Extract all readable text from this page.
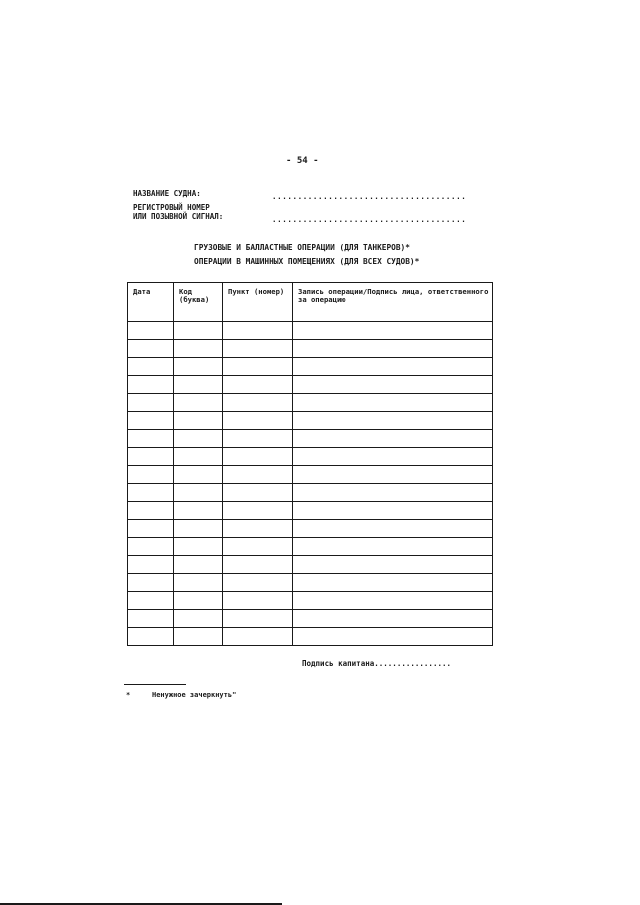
- 54 -
НАЗВАНИЕ СУДНА:	......................................
РЕГИСТРОВЫЙ НОМЕР
ИЛИ ПОЗЫВНОЙ СИГНАЛ:	......................................
ГРУЗОВЫЕ И БАЛЛАСТНЫЕ ОПЕРАЦИИ (ДЛЯ ТАНКЕРОВ)*
ОПЕРАЦИИ В МАШИННЫХ ПОМЕЩЕНИЯХ (ДЛЯ ВСЕХ СУДОВ)*
Дата	Код (буква)	Пункт (номер)	Запись операции/Подпись лица, ответственного за операцию

Подпись капитана.................
*	Ненужное зачеркнуть"
